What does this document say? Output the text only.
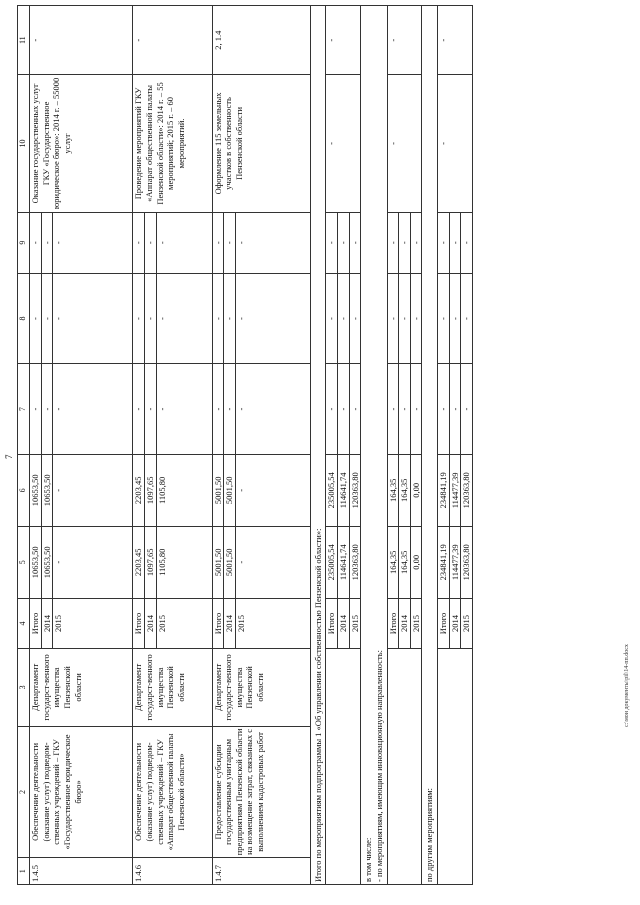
7
1	2	3	4	5	6	7	8	9	10	11
1.4.5	Обеспечение деятельности (оказание услуг) подведом-ственных учреждений – ГКУ «Государственное юридическое бюро»	Департамент государст-венного имущества Пензенской области	Итого	10653,50	10653,50	-	-	-	Оказание государственных услуг ГКУ «Государственное юридическое бюро»: 2014 г. – 55000 услуг	-
			2014	10653,50	10653,50	-	-	-		
			2015	-	-	-	-	-		
1.4.6	Обеспечение деятельности (оказание услуг) подведом-ственных учреждений – ГКУ «Аппарат общественной палаты Пензенской области»	Департамент государст-венного имущества Пензенской области	Итого	2203,45	2203,45	-	-	-	Проведение мероприятий ГКУ «Аппарат общественной палаты Пензенской области»: 2014 г. – 55 мероприятий; 2015 г. – 60 мероприятий.	-
			2014	1097,65	1097,65	-	-	-		
			2015	1105,80	1105,80	-	-	-		
1.4.7	Предоставление субсидии государственным унитарным предприятиям Пензенской области на возмещение затрат, связанных с выполнением кадастровых работ	Департамент государст-венного имущества Пензенской области	Итого	5001,50	5001,50	-	-	-	Оформление 115 земельных участков в собственность Пензенской области	2, 1.4
			2014	5001,50	5001,50	-	-	-		
			2015	-	-	-	-	-		
Итого по мероприятиям подпрограммы 1 «Об управлении собственностью Пензенской области»:										
			Итого	235005,54	235005,54	-	-	-	-	-
			2014	114641,74	114641,74	-	-	-		
			2015	120363,80	120363,80	-	-	-		
в том числе:
- по мероприятиям, имеющим инновационную направленность:										
			Итого	164,35	164,35	-	-	-	-	-
			2014	164,35	164,35	-	-	-		
			2015	0,00	0,00	-	-	-		
по другим мероприятиям:										
			Итого	234841,19	234841,19	-	-	-	-	-
			2014	114477,39	114477,39	-	-	-		
			2015	120363,80	120363,80	-	-	-		
c:\мои документы\pil\14-пп.docx
